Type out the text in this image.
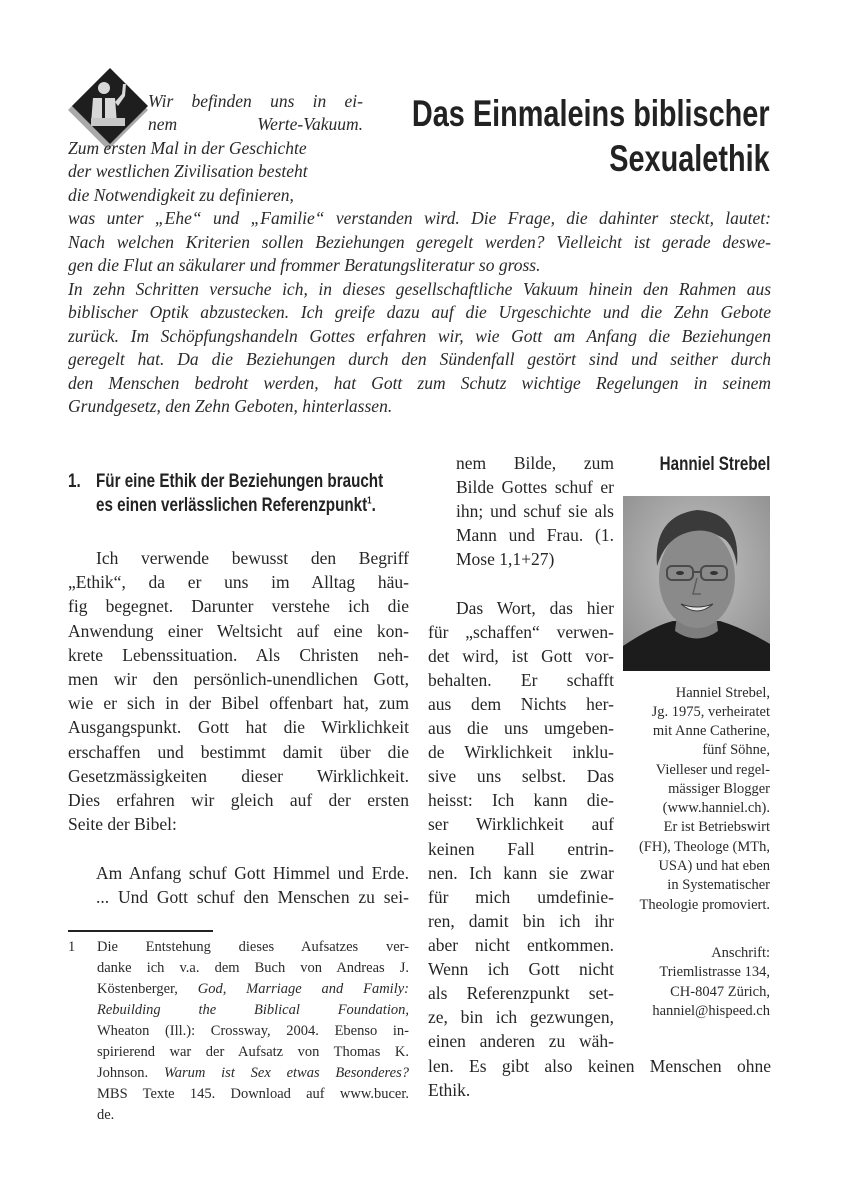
Das Einmaleins biblischer
Sexualethik
Wir befinden uns in ei-
nem Werte-Vakuum.
Zum ersten Mal in der Geschichte
der westlichen Zivilisation besteht
die Notwendigkeit zu definieren,
was unter „Ehe“ und „Familie“ verstanden wird. Die Frage, die dahinter steckt, lautet:
Nach welchen Kriterien sollen Beziehungen geregelt werden? Vielleicht ist gerade deswe-
gen die Flut an säkularer und frommer Beratungsliteratur so gross.
In zehn Schritten versuche ich, in dieses gesellschaftliche Vakuum hinein den Rahmen aus
biblischer Optik abzustecken. Ich greife dazu auf die Urgeschichte und die Zehn Gebote
zurück. Im Schöpfungshandeln Gottes erfahren wir, wie Gott am Anfang die Beziehungen
geregelt hat. Da die Beziehungen durch den Sündenfall gestört sind und seither durch
den Menschen bedroht werden, hat Gott zum Schutz wichtige Regelungen in seinem
Grundgesetz, den Zehn Geboten, hinterlassen.
1. Für eine Ethik der Beziehungen braucht
es einen verlässlichen Referenzpunkt$^1$.
Ich verwende bewusst den Begriff
„Ethik“, da er uns im Alltag häu-
fig begegnet. Darunter verstehe ich die
Anwendung einer Weltsicht auf eine kon-
krete Lebenssituation. Als Christen neh-
men wir den persönlich-unendlichen Gott,
wie er sich in der Bibel offenbart hat, zum
Ausgangspunkt. Gott hat die Wirklichkeit
erschaffen und bestimmt damit über die
Gesetzmässigkeiten dieser Wirklichkeit.
Dies erfahren wir gleich auf der ersten
Seite der Bibel:
Am Anfang schuf Gott Himmel und Erde.
... Und Gott schuf den Menschen zu sei-
1 Die Entstehung dieses Aufsatzes ver-
danke ich v.a. dem Buch von Andreas J.
Köstenberger, God, Marriage and Family:
Rebuilding the Biblical Foundation,
Wheaton (Ill.): Crossway, 2004. Ebenso in-
spirierend war der Aufsatz von Thomas K.
Johnson. Warum ist Sex etwas Besonderes?
MBS Texte 145. Download auf www.bucer.
de.
nem Bilde, zum
Bilde Gottes schuf er
ihn; und schuf sie als
Mann und Frau. (1.
Mose 1,1+27)
Das Wort, das hier
für „schaffen“ verwen-
det wird, ist Gott vor-
behalten. Er schafft
aus dem Nichts her-
aus die uns umgeben-
de Wirklichkeit inklu-
sive uns selbst. Das
heisst: Ich kann die-
ser Wirklichkeit auf
keinen Fall entrin-
nen. Ich kann sie zwar
für mich umdefinie-
ren, damit bin ich ihr
aber nicht entkommen.
Wenn ich Gott nicht
als Referenzpunkt set-
ze, bin ich gezwungen,
einen anderen zu wäh-
len. Es gibt also keinen Menschen ohne
Ethik.
Hanniel Strebel
Hanniel Strebel,
Jg. 1975, verheiratet
mit Anne Catherine,
fünf Söhne,
Vielleser und regel-
mässiger Blogger
(www.hanniel.ch).
Er ist Betriebswirt
(FH), Theologe (MTh,
USA) und hat eben
in Systematischer
Theologie promoviert.
Anschrift:
Triemlistrasse 134,
CH-8047 Zürich,
hanniel@hispeed.ch
